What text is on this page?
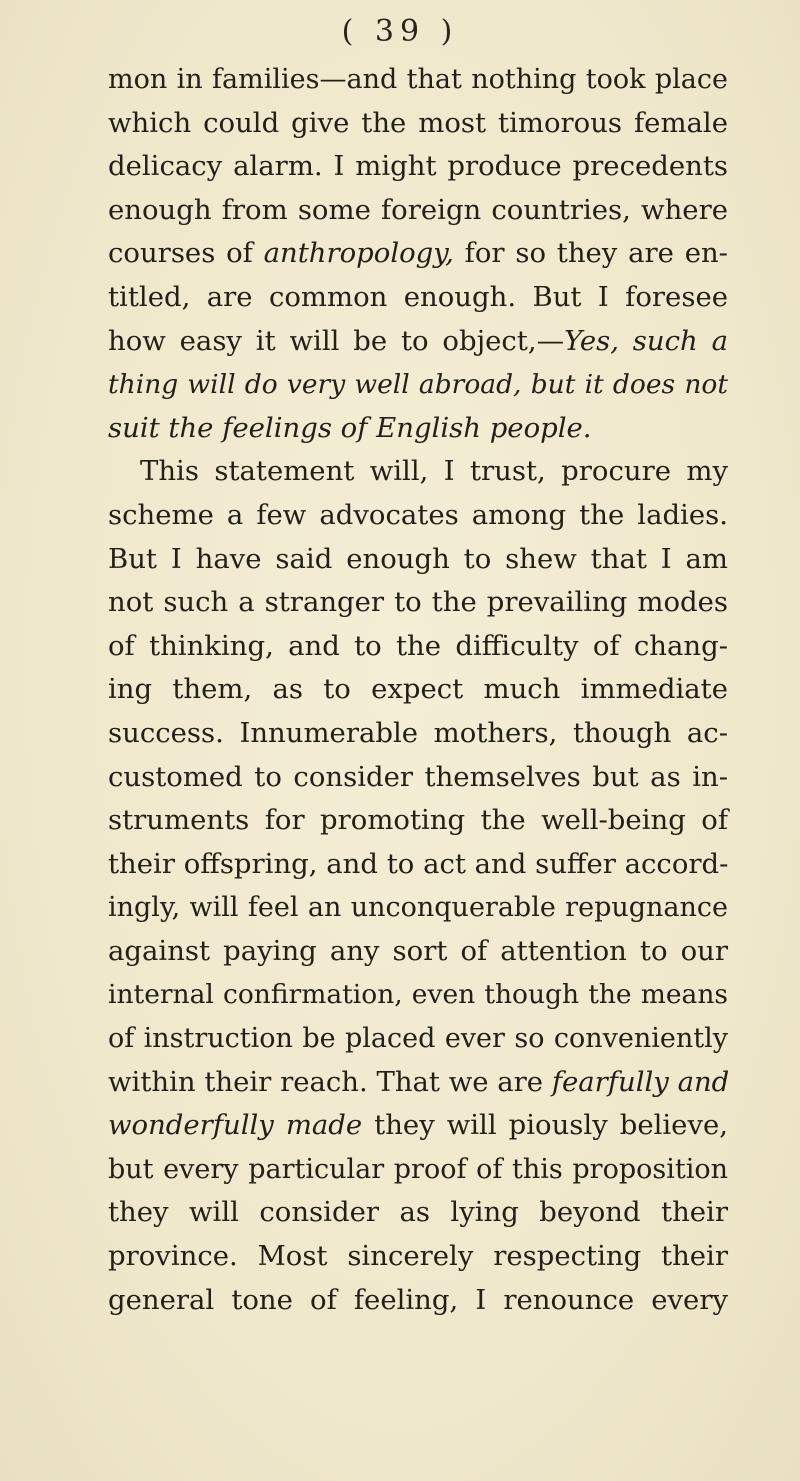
( 39 )
mon in families—and that nothing took place
which could give the most timorous female
delicacy alarm. I might produce precedents
enough from some foreign countries, where
courses of anthropology, for so they are en-
titled, are common enough. But I foresee
how easy it will be to object,—Yes, such a
thing will do very well abroad, but it does not
suit the feelings of English people.
This statement will, I trust, procure my
scheme a few advocates among the ladies.
But I have said enough to shew that I am
not such a stranger to the prevailing modes
of thinking, and to the difficulty of chang-
ing them, as to expect much immediate
success. Innumerable mothers, though ac-
customed to consider themselves but as in-
struments for promoting the well-being of
their offspring, and to act and suffer accord-
ingly, will feel an unconquerable repugnance
against paying any sort of attention to our
internal confirmation, even though the means
of instruction be placed ever so conveniently
within their reach. That we are fearfully and
wonderfully made they will piously believe,
but every particular proof of this proposition
they will consider as lying beyond their
province. Most sincerely respecting their
general tone of feeling, I renounce every
